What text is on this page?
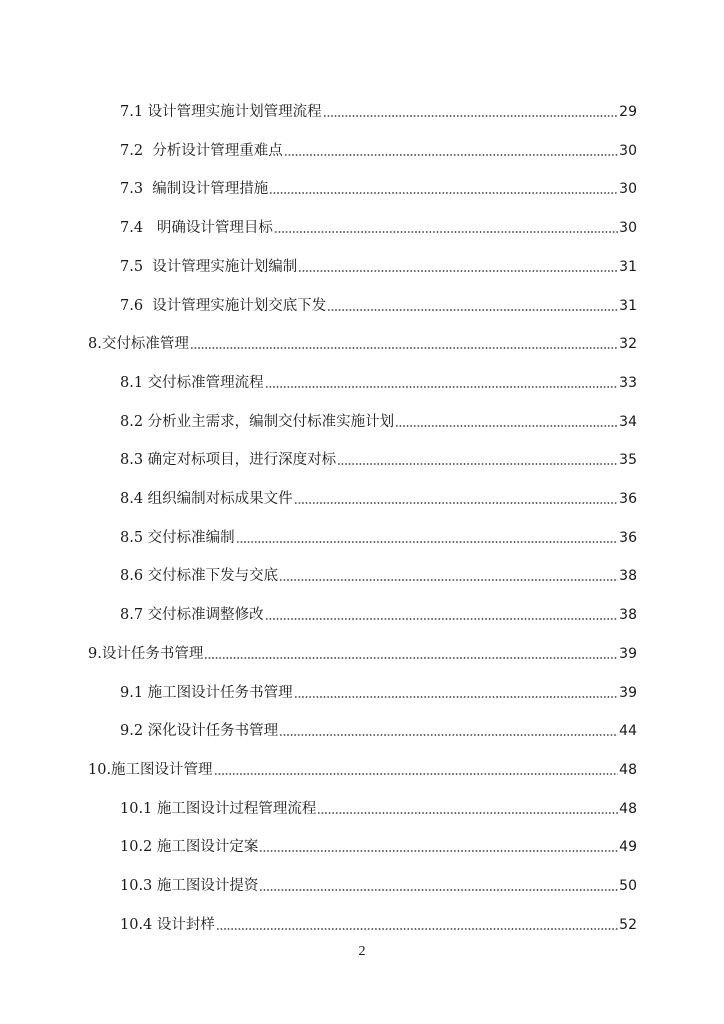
7.1 设计管理实施计划管理流程	29
7.2  分析设计管理重难点	30
7.3  编制设计管理措施	30
7.4   明确设计管理目标	30
7.5  设计管理实施计划编制	31
7.6  设计管理实施计划交底下发	31
8.交付标准管理	32
8.1 交付标准管理流程	33
8.2 分析业主需求，编制交付标准实施计划	34
8.3 确定对标项目，进行深度对标	35
8.4 组织编制对标成果文件	36
8.5 交付标准编制	36
8.6 交付标准下发与交底	38
8.7 交付标准调整修改	38
9.设计任务书管理	39
9.1 施工图设计任务书管理	39
9.2 深化设计任务书管理	44
10.施工图设计管理	48
10.1 施工图设计过程管理流程	48
10.2 施工图设计定案	49
10.3 施工图设计提资	50
10.4 设计封样	52
2
